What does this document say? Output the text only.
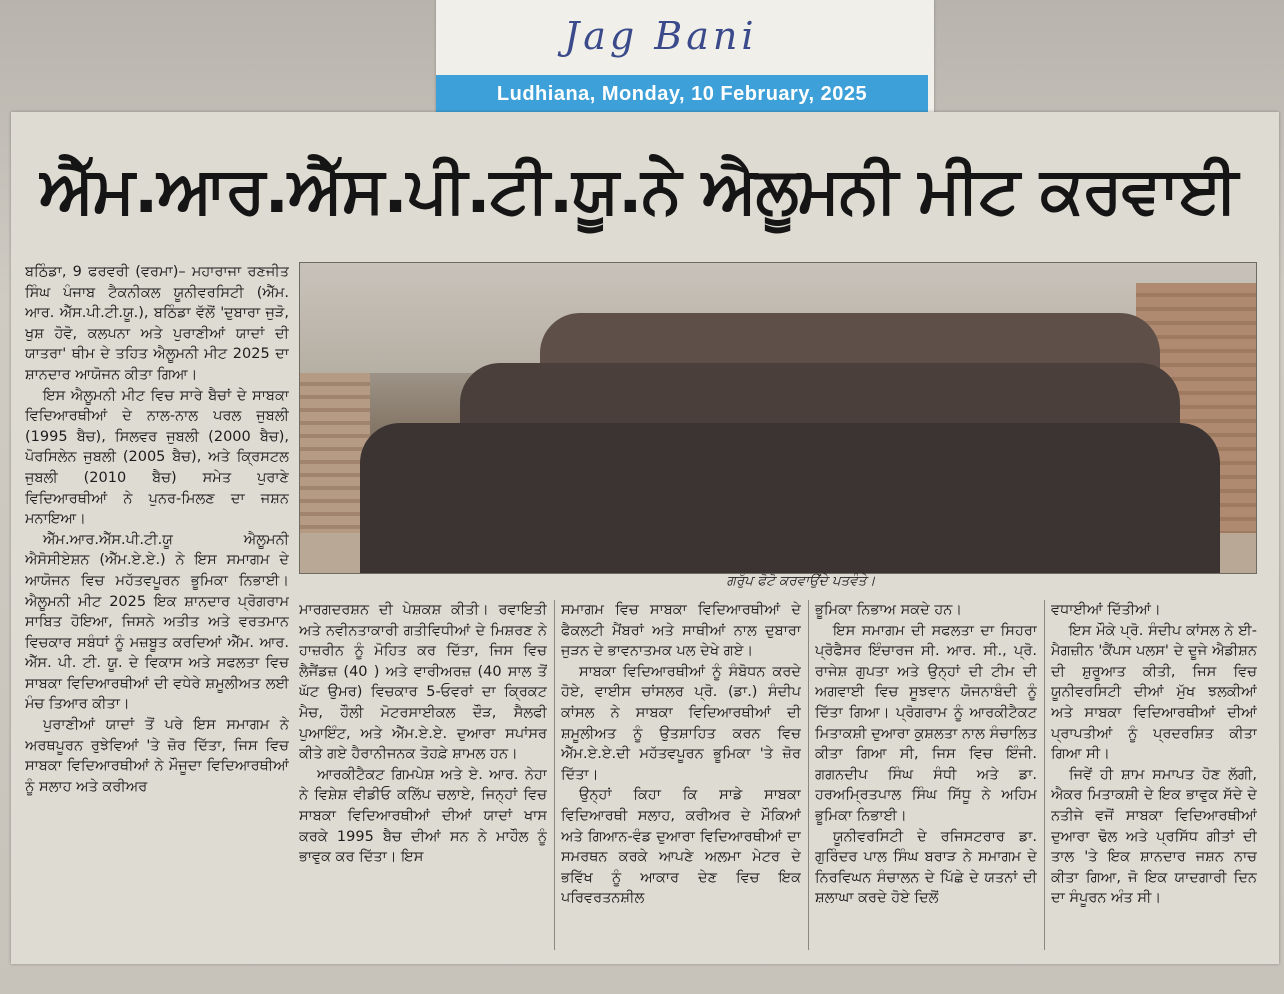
Jag Bani
Ludhiana, Monday, 10 February, 2025
ਐੱਮ.ਆਰ.ਐੱਸ.ਪੀ.ਟੀ.ਯੂ.ਨੇ ਐਲੂਮਨੀ ਮੀਟ ਕਰਵਾਈ

ਬਠਿੰਡਾ, 9 ਫਰਵਰੀ (ਵਰਮਾ)– ਮਹਾਰਾਜਾ ਰਣਜੀਤ ਸਿੰਘ ਪੰਜਾਬ ਟੈਕਨੀਕਲ ਯੂਨੀਵਰਸਿਟੀ (ਐੱਮ. ਆਰ. ਐੱਸ.ਪੀ.ਟੀ.ਯੂ.), ਬਠਿੰਡਾ ਵੱਲੋਂ 'ਦੁਬਾਰਾ ਜੁੜੋ, ਖੁਸ਼ ਹੋਵੋ, ਕਲਪਨਾ ਅਤੇ ਪੁਰਾਣੀਆਂ ਯਾਦਾਂ ਦੀ ਯਾਤਰਾ' ਥੀਮ ਦੇ ਤਹਿਤ ਐਲੂਮਨੀ ਮੀਟ 2025 ਦਾ ਸ਼ਾਨਦਾਰ ਆਯੋਜਨ ਕੀਤਾ ਗਿਆ।

ਇਸ ਐਲੂਮਨੀ ਮੀਟ ਵਿਚ ਸਾਰੇ ਬੈਚਾਂ ਦੇ ਸਾਬਕਾ ਵਿਦਿਆਰਥੀਆਂ ਦੇ ਨਾਲ-ਨਾਲ ਪਰਲ ਜੁਬਲੀ (1995 ਬੈਚ), ਸਿਲਵਰ ਜੁਬਲੀ (2000 ਬੈਚ), ਪੋਰਸਿਲੇਨ ਜੁਬਲੀ (2005 ਬੈਚ), ਅਤੇ ਕ੍ਰਿਸਟਲ ਜੁਬਲੀ (2010 ਬੈਚ) ਸਮੇਤ ਪੁਰਾਣੇ ਵਿਦਿਆਰਥੀਆਂ ਨੇ ਪੁਨਰ-ਮਿਲਣ ਦਾ ਜਸ਼ਨ ਮਨਾਇਆ।

ਐੱਮ.ਆਰ.ਐੱਸ.ਪੀ.ਟੀ.ਯੂ ਐਲੂਮਨੀ ਐਸੋਸੀਏਸ਼ਨ (ਐੱਮ.ਏ.ਏ.) ਨੇ ਇਸ ਸਮਾਗਮ ਦੇ ਆਯੋਜਨ ਵਿਚ ਮਹੱਤਵਪੂਰਨ ਭੂਮਿਕਾ ਨਿਭਾਈ। ਐਲੂਮਨੀ ਮੀਟ 2025 ਇਕ ਸ਼ਾਨਦਾਰ ਪ੍ਰੋਗਰਾਮ ਸਾਬਿਤ ਹੋਇਆ, ਜਿਸਨੇ ਅਤੀਤ ਅਤੇ ਵਰਤਮਾਨ ਵਿਚਕਾਰ ਸਬੰਧਾਂ ਨੂੰ ਮਜ਼ਬੂਤ ਕਰਦਿਆਂ ਐੱਮ. ਆਰ. ਐੱਸ. ਪੀ. ਟੀ. ਯੂ. ਦੇ ਵਿਕਾਸ ਅਤੇ ਸਫਲਤਾ ਵਿਚ ਸਾਬਕਾ ਵਿਦਿਆਰਥੀਆਂ ਦੀ ਵਧੇਰੇ ਸ਼ਮੂਲੀਅਤ ਲਈ ਮੰਚ ਤਿਆਰ ਕੀਤਾ।

ਪੁਰਾਣੀਆਂ ਯਾਦਾਂ ਤੋਂ ਪਰੇ ਇਸ ਸਮਾਗਮ ਨੇ ਅਰਥਪੂਰਨ ਰੁਝੇਵਿਆਂ 'ਤੇ ਜ਼ੋਰ ਦਿੱਤਾ, ਜਿਸ ਵਿਚ ਸਾਬਕਾ ਵਿਦਿਆਰਥੀਆਂ ਨੇ ਮੌਜੂਦਾ ਵਿਦਿਆਰਥੀਆਂ ਨੂੰ ਸਲਾਹ ਅਤੇ ਕਰੀਅਰ

ਗਰੁੱਪ ਫੋਟੋ ਕਰਵਾਉਂਦੇ ਪਤਵੰਤੇ।

ਮਾਰਗਦਰਸ਼ਨ ਦੀ ਪੇਸ਼ਕਸ਼ ਕੀਤੀ। ਰਵਾਇਤੀ ਅਤੇ ਨਵੀਨਤਾਕਾਰੀ ਗਤੀਵਿਧੀਆਂ ਦੇ ਮਿਸ਼ਰਣ ਨੇ ਹਾਜ਼ਰੀਨ ਨੂੰ ਮੋਹਿਤ ਕਰ ਦਿੱਤਾ, ਜਿਸ ਵਿਚ ਲੈਜੈਂਡਜ਼ (40 ) ਅਤੇ ਵਾਰੀਅਰਜ਼ (40 ਸਾਲ ਤੋਂ ਘੱਟ ਉਮਰ) ਵਿਚਕਾਰ 5-ਓਵਰਾਂ ਦਾ ਕ੍ਰਿਕਟ ਮੈਚ, ਹੌਲੀ ਮੋਟਰਸਾਈਕਲ ਦੌੜ, ਸੈਲਫੀ ਪੁਆਇੰਟ, ਅਤੇ ਐੱਮ.ਏ.ਏ. ਦੁਆਰਾ ਸਪਾਂਸਰ ਕੀਤੇ ਗਏ ਹੈਰਾਨੀਜਨਕ ਤੋਹਫ਼ੇ ਸ਼ਾਮਲ ਹਨ।

ਆਰਕੀਟੈਕਟ ਗਿਮਪੇਸ਼ ਅਤੇ ਏ. ਆਰ. ਨੇਹਾ ਨੇ ਵਿਸ਼ੇਸ਼ ਵੀਡੀਓ ਕਲਿੱਪ ਚਲਾਏ, ਜਿਨ੍ਹਾਂ ਵਿਚ ਸਾਬਕਾ ਵਿਦਿਆਰਥੀਆਂ ਦੀਆਂ ਯਾਦਾਂ ਖਾਸ ਕਰਕੇ 1995 ਬੈਚ ਦੀਆਂ ਸਨ ਨੇ ਮਾਹੌਲ ਨੂੰ ਭਾਵੁਕ ਕਰ ਦਿੱਤਾ। ਇਸ

ਸਮਾਗਮ ਵਿਚ ਸਾਬਕਾ ਵਿਦਿਆਰਥੀਆਂ ਦੇ ਫੈਕਲਟੀ ਮੈਂਬਰਾਂ ਅਤੇ ਸਾਥੀਆਂ ਨਾਲ ਦੁਬਾਰਾ ਜੁੜਨ ਦੇ ਭਾਵਨਾਤਮਕ ਪਲ ਦੇਖੇ ਗਏ।

ਸਾਬਕਾ ਵਿਦਿਆਰਥੀਆਂ ਨੂੰ ਸੰਬੋਧਨ ਕਰਦੇ ਹੋਏ, ਵਾਈਸ ਚਾਂਸਲਰ ਪ੍ਰੋ. (ਡਾ.) ਸੰਦੀਪ ਕਾਂਸਲ ਨੇ ਸਾਬਕਾ ਵਿਦਿਆਰਥੀਆਂ ਦੀ ਸ਼ਮੂਲੀਅਤ ਨੂੰ ਉਤਸ਼ਾਹਿਤ ਕਰਨ ਵਿਚ ਐੱਮ.ਏ.ਏ.ਦੀ ਮਹੱਤਵਪੂਰਨ ਭੂਮਿਕਾ 'ਤੇ ਜ਼ੋਰ ਦਿੱਤਾ।

ਉਨ੍ਹਾਂ ਕਿਹਾ ਕਿ ਸਾਡੇ ਸਾਬਕਾ ਵਿਦਿਆਰਥੀ ਸਲਾਹ, ਕਰੀਅਰ ਦੇ ਮੌਕਿਆਂ ਅਤੇ ਗਿਆਨ-ਵੰਡ ਦੁਆਰਾ ਵਿਦਿਆਰਥੀਆਂ ਦਾ ਸਮਰਥਨ ਕਰਕੇ ਆਪਣੇ ਅਲਮਾ ਮੇਟਰ ਦੇ ਭਵਿੱਖ ਨੂੰ ਆਕਾਰ ਦੇਣ ਵਿਚ ਇਕ ਪਰਿਵਰਤਨਸ਼ੀਲ

ਭੂਮਿਕਾ ਨਿਭਾਅ ਸਕਦੇ ਹਨ।

ਇਸ ਸਮਾਗਮ ਦੀ ਸਫਲਤਾ ਦਾ ਸਿਹਰਾ ਪ੍ਰੋਫੈਸਰ ਇੰਚਾਰਜ ਸੀ. ਆਰ. ਸੀ., ਪ੍ਰੋ. ਰਾਜੇਸ਼ ਗੁਪਤਾ ਅਤੇ ਉਨ੍ਹਾਂ ਦੀ ਟੀਮ ਦੀ ਅਗਵਾਈ ਵਿਚ ਸੂਝਵਾਨ ਯੋਜਨਾਬੰਦੀ ਨੂੰ ਦਿੱਤਾ ਗਿਆ। ਪ੍ਰੋਗਰਾਮ ਨੂੰ ਆਰਕੀਟੈਕਟ ਮਿਤਾਕਸ਼ੀ ਦੁਆਰਾ ਕੁਸ਼ਲਤਾ ਨਾਲ ਸੰਚਾਲਿਤ ਕੀਤਾ ਗਿਆ ਸੀ, ਜਿਸ ਵਿਚ ਇੰਜੀ. ਗਗਨਦੀਪ ਸਿੰਘ ਸੰਧੀ ਅਤੇ ਡਾ. ਹਰਅਮ੍ਰਿਤਪਾਲ ਸਿੰਘ ਸਿੱਧੂ ਨੇ ਅਹਿਮ ਭੂਮਿਕਾ ਨਿਭਾਈ।

ਯੂਨੀਵਰਸਿਟੀ ਦੇ ਰਜਿਸਟਰਾਰ ਡਾ. ਗੁਰਿੰਦਰ ਪਾਲ ਸਿੰਘ ਬਰਾੜ ਨੇ ਸਮਾਗਮ ਦੇ ਨਿਰਵਿਘਨ ਸੰਚਾਲਨ ਦੇ ਪਿੱਛੇ ਦੇ ਯਤਨਾਂ ਦੀ ਸ਼ਲਾਘਾ ਕਰਦੇ ਹੋਏ ਦਿਲੋਂ

ਵਧਾਈਆਂ ਦਿੱਤੀਆਂ।

ਇਸ ਮੌਕੇ ਪ੍ਰੋ. ਸੰਦੀਪ ਕਾਂਸਲ ਨੇ ਈ-ਮੈਗਜ਼ੀਨ 'ਕੈਂਪਸ ਪਲਸ' ਦੇ ਦੂਜੇ ਐਡੀਸ਼ਨ ਦੀ ਸ਼ੁਰੂਆਤ ਕੀਤੀ, ਜਿਸ ਵਿਚ ਯੂਨੀਵਰਸਿਟੀ ਦੀਆਂ ਮੁੱਖ ਝਲਕੀਆਂ ਅਤੇ ਸਾਬਕਾ ਵਿਦਿਆਰਥੀਆਂ ਦੀਆਂ ਪ੍ਰਾਪਤੀਆਂ ਨੂੰ ਪ੍ਰਦਰਸ਼ਿਤ ਕੀਤਾ ਗਿਆ ਸੀ।

ਜਿਵੇਂ ਹੀ ਸ਼ਾਮ ਸਮਾਪਤ ਹੋਣ ਲੱਗੀ, ਐਕਰ ਮਿਤਾਕਸ਼ੀ ਦੇ ਇਕ ਭਾਵੁਕ ਸੱਦੇ ਦੇ ਨਤੀਜੇ ਵਜੋਂ ਸਾਬਕਾ ਵਿਦਿਆਰਥੀਆਂ ਦੁਆਰਾ ਢੋਲ ਅਤੇ ਪ੍ਰਸਿੱਧ ਗੀਤਾਂ ਦੀ ਤਾਲ 'ਤੇ ਇਕ ਸ਼ਾਨਦਾਰ ਜਸ਼ਨ ਨਾਚ ਕੀਤਾ ਗਿਆ, ਜੋ ਇਕ ਯਾਦਗਾਰੀ ਦਿਨ ਦਾ ਸੰਪੂਰਨ ਅੰਤ ਸੀ।
